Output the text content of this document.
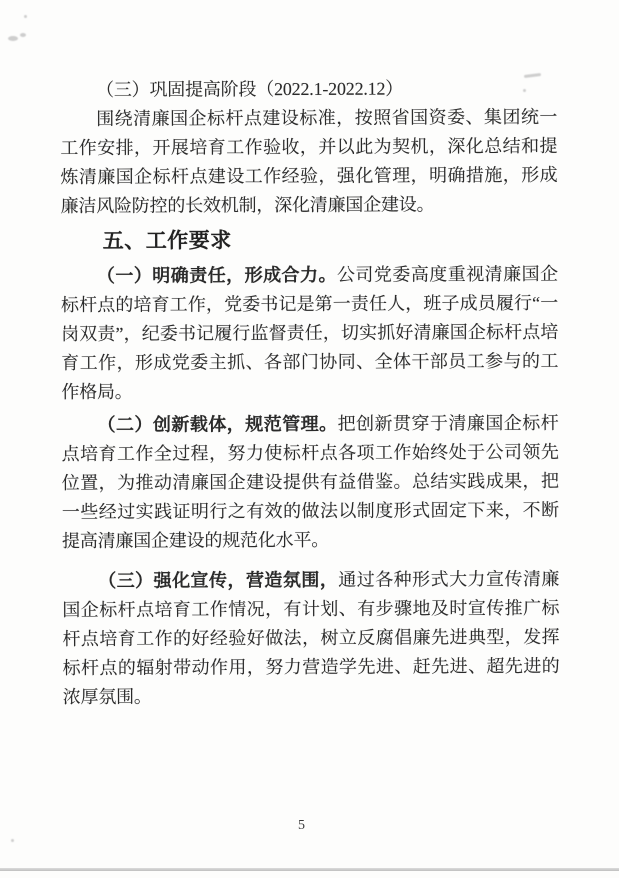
（三）巩固提高阶段（2022.1-2022.12）

围绕清廉国企标杆点建设标准，按照省国资委、集团统一工作安排，开展培育工作验收，并以此为契机，深化总结和提炼清廉国企标杆点建设工作经验，强化管理，明确措施，形成廉洁风险防控的长效机制，深化清廉国企建设。

五、工作要求

（一）明确责任，形成合力。公司党委高度重视清廉国企标杆点的培育工作，党委书记是第一责任人，班子成员履行“一岗双责”，纪委书记履行监督责任，切实抓好清廉国企标杆点培育工作，形成党委主抓、各部门协同、全体干部员工参与的工作格局。

（二）创新载体，规范管理。把创新贯穿于清廉国企标杆点培育工作全过程，努力使标杆点各项工作始终处于公司领先位置，为推动清廉国企建设提供有益借鉴。总结实践成果，把一些经过实践证明行之有效的做法以制度形式固定下来，不断提高清廉国企建设的规范化水平。

（三）强化宣传，营造氛围，通过各种形式大力宣传清廉国企标杆点培育工作情况，有计划、有步骤地及时宣传推广标杆点培育工作的好经验好做法，树立反腐倡廉先进典型，发挥标杆点的辐射带动作用，努力营造学先进、赶先进、超先进的浓厚氛围。

5
